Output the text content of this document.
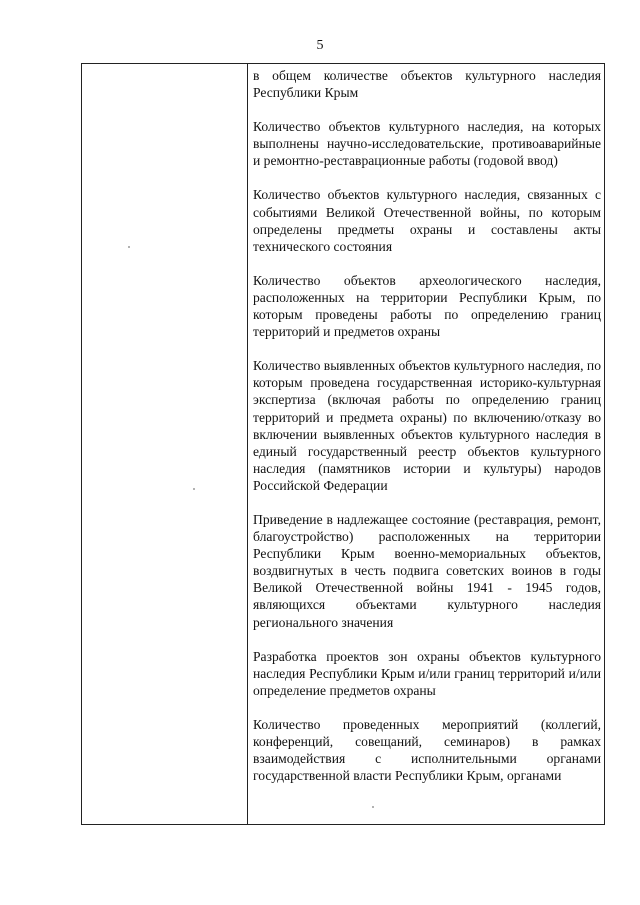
5

в общем количестве объектов культурного наследия Республики Крым

Количество объектов культурного наследия, на которых выполнены научно-исследовательские, противоаварийные и ремонтно-реставрационные работы (годовой ввод)

Количество объектов культурного наследия, связанных с событиями Великой Отечественной войны, по которым определены предметы охраны и составлены акты технического состояния

Количество объектов археологического наследия, расположенных на территории Республики Крым, по которым проведены работы по определению границ территорий и предметов охраны

Количество выявленных объектов культурного наследия, по которым проведена государственная историко-культурная экспертиза (включая работы по определению границ территорий и предмета охраны) по включению/отказу во включении выявленных объектов культурного наследия в единый государственный реестр объектов культурного наследия (памятников истории и культуры) народов Российской Федерации

Приведение в надлежащее состояние (реставрация, ремонт, благоустройство) расположенных на территории Республики Крым военно-мемориальных объектов, воздвигнутых в честь подвига советских воинов в годы Великой Отечественной войны 1941 - 1945 годов, являющихся объектами культурного наследия регионального значения

Разработка проектов зон охраны объектов культурного наследия Республики Крым и/или границ территорий и/или определение предметов охраны

Количество проведенных мероприятий (коллегий, конференций, совещаний, семинаров) в рамках взаимодействия с исполнительными органами государственной власти Республики Крым, органами
